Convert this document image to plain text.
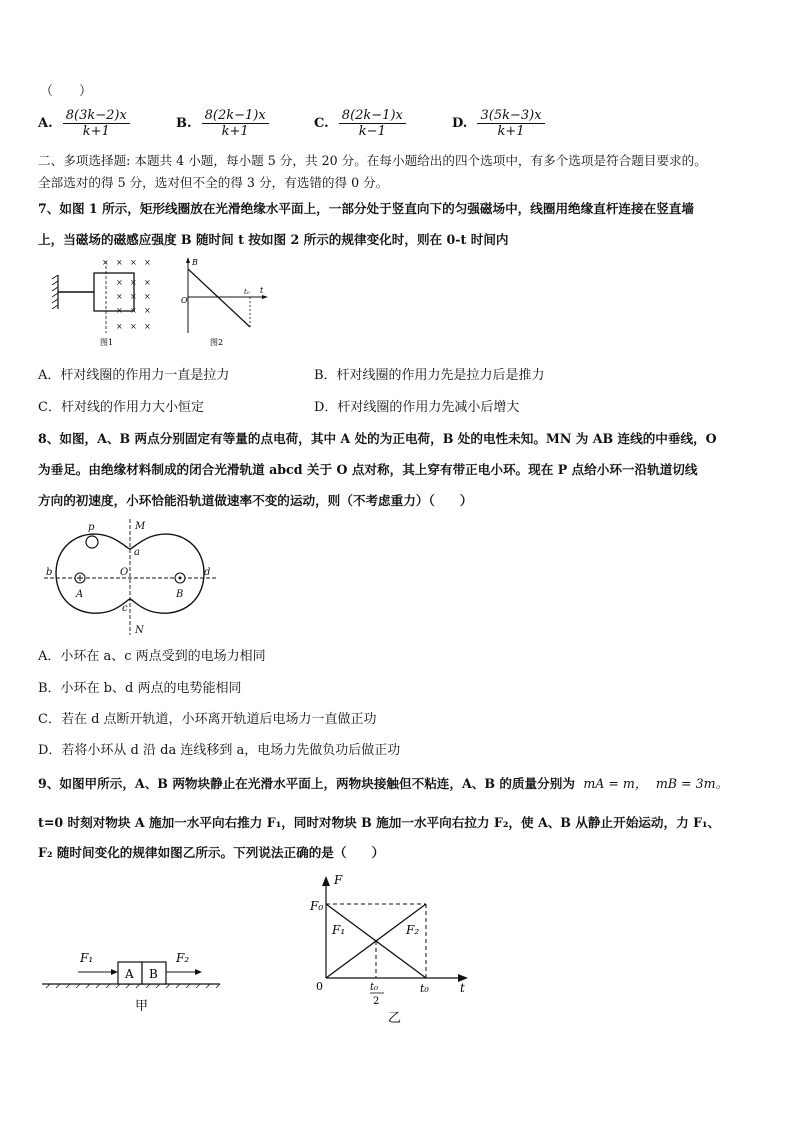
（　　）
A. $\frac{8(3k-2)x}{k+1}$	B. $\frac{8(2k-1)x}{k+1}$	C. $\frac{8(2k-1)x}{k-1}$	D. $\frac{3(5k-3)x}{k+1}$
二、多项选择题: 本题共 4 小题，每小题 5 分，共 20 分。在每小题给出的四个选项中，有多个选项是符合题目要求的。
全部选对的得 5 分，选对但不全的得 3 分，有选错的得 0 分。
7、如图 1 所示，矩形线圈放在光滑绝缘水平面上，一部分处于竖直向下的匀强磁场中，线圈用绝缘直杆连接在竖直墙
上，当磁场的磁感应强度 B 随时间 t 按如图 2 所示的规律变化时，则在 0-t 时间内
× × × ×
× × ×
× × ×
× × ×
× × ×
图1
B
O
t₀ t
图2
A．杆对线圈的作用力一直是拉力	B．杆对线圈的作用力先是拉力后是推力
C．杆对线的作用力大小恒定	D．杆对线圈的作用力先减小后增大
8、如图，A、B 两点分别固定有等量的点电荷，其中 A 处的为正电荷，B 处的电性未知。MN 为 AB 连线的中垂线，O
为垂足。由绝缘材料制成的闭合光滑轨道 abcd 关于 O 点对称，其上穿有带正电小环。现在 P 点给小环一沿轨道切线
方向的初速度，小环恰能沿轨道做速率不变的运动，则（不考虑重力）（　　）
p	M
a
b	O	d
A	B
c
N
A．小环在 a、c 两点受到的电场力相同
B．小环在 b、d 两点的电势能相同
C．若在 d 点断开轨道，小环离开轨道后电场力一直做正功
D．若将小环从 d 沿 da 连线移到 a，电场力先做负功后做正功
9、如图甲所示，A、B 两物块静止在光滑水平面上，两物块接触但不粘连，A、B 的质量分别为 mA = m， mB = 3m。
t=0 时刻对物块 A 施加一水平向右推力 F₁，同时对物块 B 施加一水平向右拉力 F₂，使 A、B 从静止开始运动，力 F₁、
F₂ 随时间变化的规律如图乙所示。下列说法正确的是（　　）
F₁
A B
F₂
甲
F
F₀
F₁	F₂
0	t₀
2
t₀	t
乙
